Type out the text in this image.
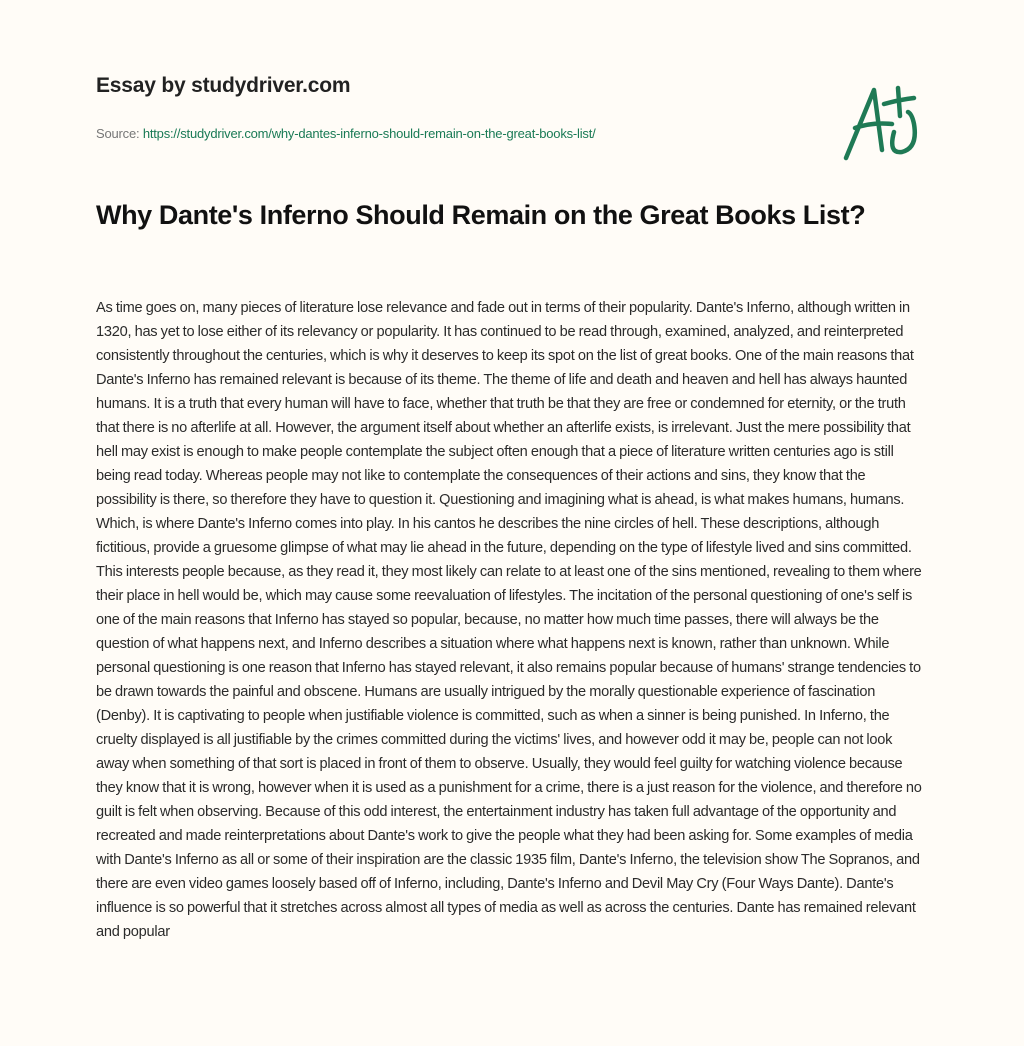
Essay by studydriver.com
Source: https://studydriver.com/why-dantes-inferno-should-remain-on-the-great-books-list/
Why Dante's Inferno Should Remain on the Great Books List?

As time goes on, many pieces of literature lose relevance and fade out in terms of their popularity. Dante's Inferno, although written in 1320, has yet to lose either of its relevancy or popularity. It has continued to be read through, examined, analyzed, and reinterpreted consistently throughout the centuries, which is why it deserves to keep its spot on the list of great books. One of the main reasons that Dante's Inferno has remained relevant is because of its theme. The theme of life and death and heaven and hell has always haunted humans. It is a truth that every human will have to face, whether that truth be that they are free or condemned for eternity, or the truth that there is no afterlife at all. However, the argument itself about whether an afterlife exists, is irrelevant. Just the mere possibility that hell may exist is enough to make people contemplate the subject often enough that a piece of literature written centuries ago is still being read today. Whereas people may not like to contemplate the consequences of their actions and sins, they know that the possibility is there, so therefore they have to question it. Questioning and imagining what is ahead, is what makes humans, humans. Which, is where Dante's Inferno comes into play. In his cantos he describes the nine circles of hell. These descriptions, although fictitious, provide a gruesome glimpse of what may lie ahead in the future, depending on the type of lifestyle lived and sins committed. This interests people because, as they read it, they most likely can relate to at least one of the sins mentioned, revealing to them where their place in hell would be, which may cause some reevaluation of lifestyles. The incitation of the personal questioning of one's self is one of the main reasons that Inferno has stayed so popular, because, no matter how much time passes, there will always be the question of what happens next, and Inferno describes a situation where what happens next is known, rather than unknown. While personal questioning is one reason that Inferno has stayed relevant, it also remains popular because of humans' strange tendencies to be drawn towards the painful and obscene. Humans are usually intrigued by the morally questionable experience of fascination (Denby). It is captivating to people when justifiable violence is committed, such as when a sinner is being punished. In Inferno, the cruelty displayed is all justifiable by the crimes committed during the victims' lives, and however odd it may be, people can not look away when something of that sort is placed in front of them to observe. Usually, they would feel guilty for watching violence because they know that it is wrong, however when it is used as a punishment for a crime, there is a just reason for the violence, and therefore no guilt is felt when observing. Because of this odd interest, the entertainment industry has taken full advantage of the opportunity and recreated and made reinterpretations about Dante's work to give the people what they had been asking for. Some examples of media with Dante's Inferno as all or some of their inspiration are the classic 1935 film, Dante's Inferno, the television show The Sopranos, and there are even video games loosely based off of Inferno, including, Dante's Inferno and Devil May Cry (Four Ways Dante). Dante's influence is so powerful that it stretches across almost all types of media as well as across the centuries. Dante has remained relevant and popular
